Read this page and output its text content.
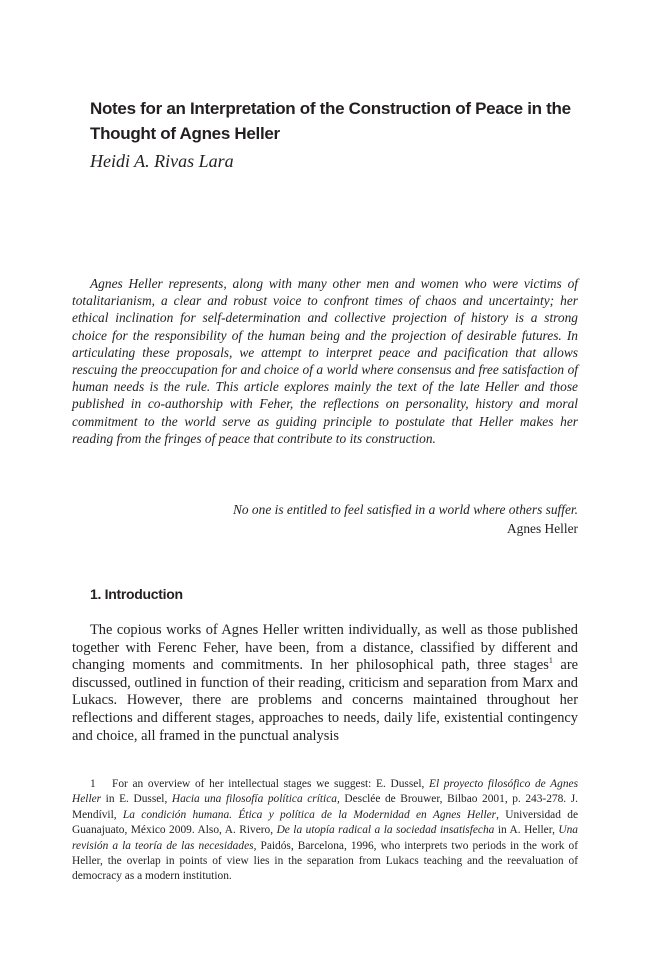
Notes for an Interpretation of the Construction of Peace in the Thought of Agnes Heller

Heidi A. Rivas Lara

Agnes Heller represents, along with many other men and women who were victims of totalitarianism, a clear and robust voice to confront times of chaos and uncertainty; her ethical inclination for self-determination and collective projection of history is a strong choice for the responsibility of the human being and the projection of desirable futures. In articulating these proposals, we attempt to interpret peace and pacification that allows rescuing the preoccupation for and choice of a world where consensus and free satisfaction of human needs is the rule. This article explores mainly the text of the late Heller and those published in co-authorship with Feher, the reflections on personality, history and moral commitment to the world serve as guiding principle to postulate that Heller makes her reading from the fringes of peace that contribute to its construction.

No one is entitled to feel satisfied in a world where others suffer.
Agnes Heller
1. Introduction

The copious works of Agnes Heller written individually, as well as those published together with Ferenc Feher, have been, from a distance, classified by different and changing moments and commitments. In her philosophical path, three stages$^1$ are discussed, outlined in function of their reading, criticism and separation from Marx and Lukacs. However, there are problems and concerns maintained throughout her reflections and different stages, approaches to needs, daily life, existential contingency and choice, all framed in the punctual analysis

1 For an overview of her intellectual stages we suggest: E. Dussel, El proyecto filosófico de Agnes Heller in E. Dussel, Hacia una filosofía política crítica, Desclée de Brouwer, Bilbao 2001, p. 243-278. J. Mendívil, La condición humana. Ética y política de la Modernidad en Agnes Heller, Universidad de Guanajuato, México 2009. Also, A. Rivero, De la utopía radical a la sociedad insatisfecha in A. Heller, Una revisión a la teoría de las necesidades, Paidós, Barcelona, 1996, who interprets two periods in the work of Heller, the overlap in points of view lies in the separation from Lukacs teaching and the reevaluation of democracy as a modern institution.
